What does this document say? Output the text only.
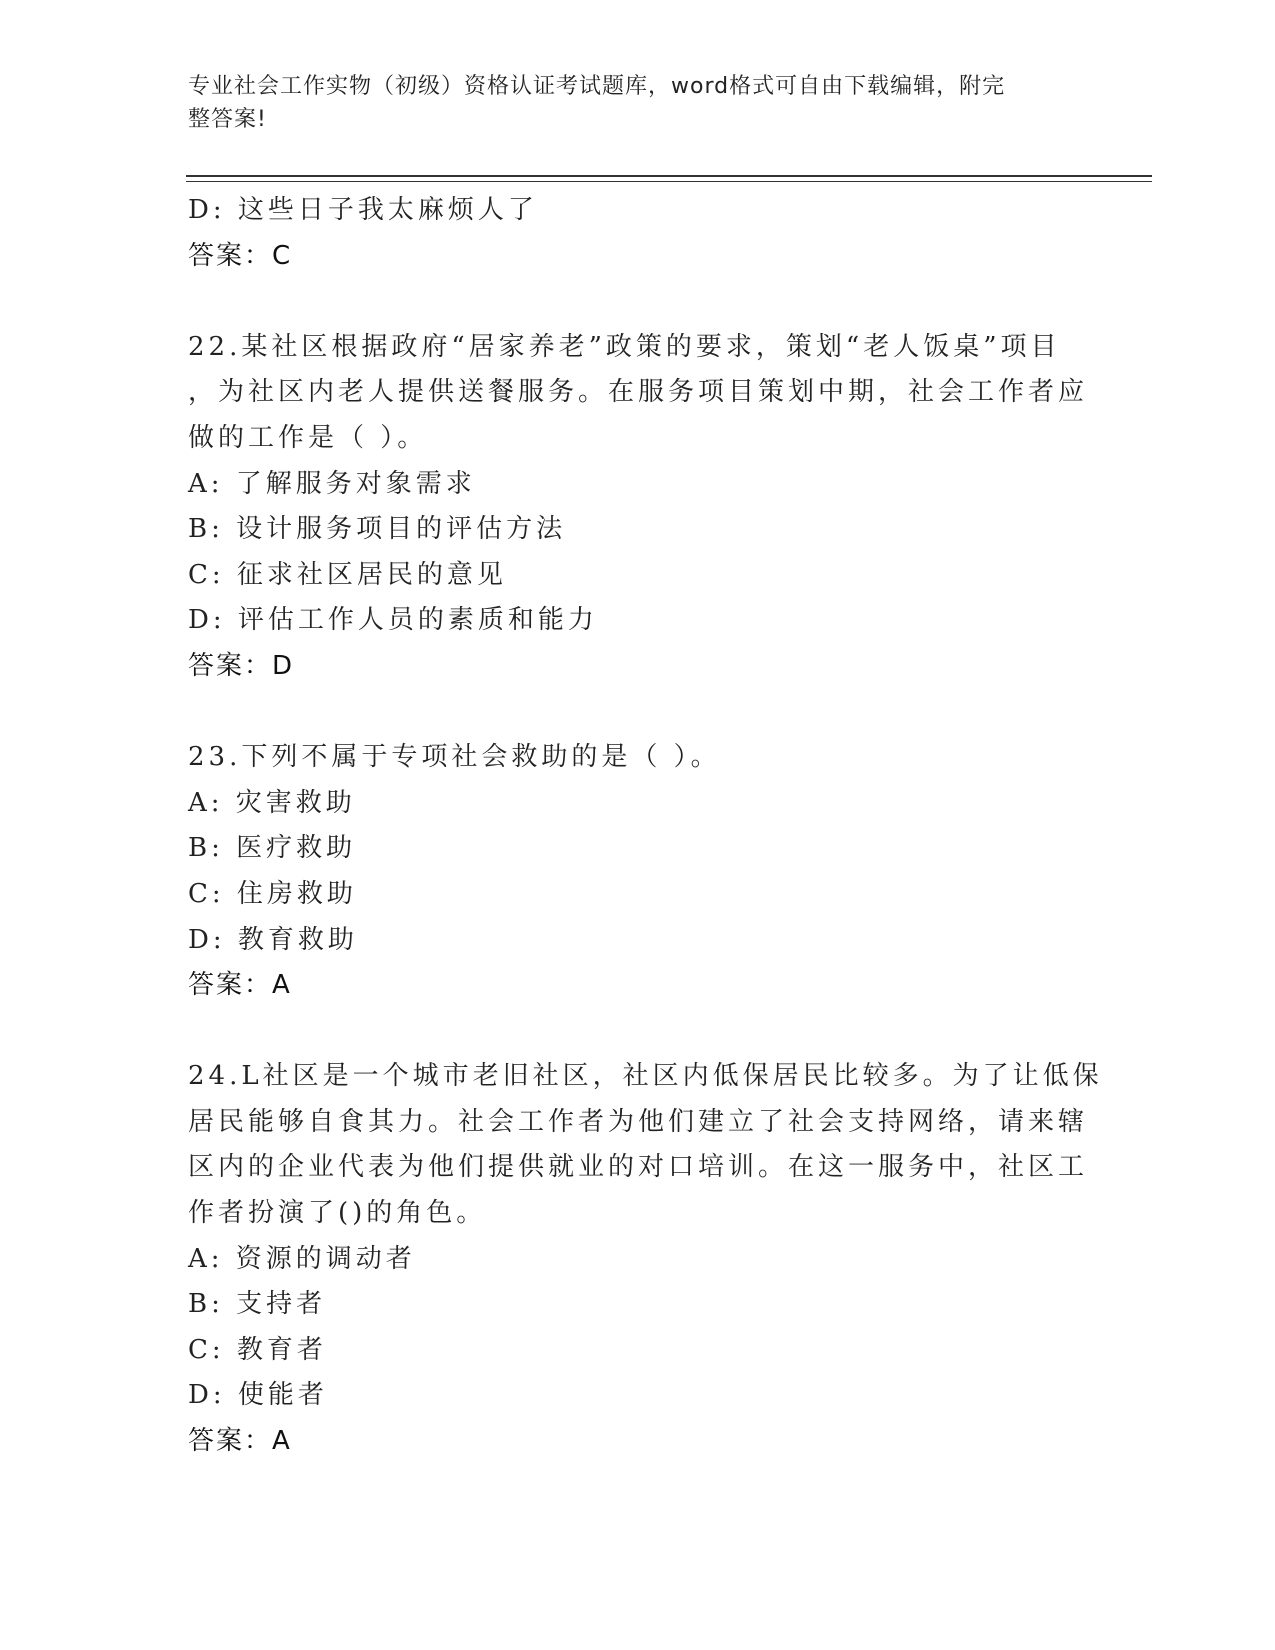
专业社会工作实物（初级）资格认证考试题库，word格式可自由下载编辑，附完
整答案!
D: 这些日子我太麻烦人了
答案：C
22.某社区根据政府“居家养老”政策的要求，策划“老人饭桌”项目
，为社区内老人提供送餐服务。在服务项目策划中期，社会工作者应
做的工作是（ ）。
A: 了解服务对象需求
B: 设计服务项目的评估方法
C: 征求社区居民的意见
D: 评估工作人员的素质和能力
答案：D
23.下列不属于专项社会救助的是（ ）。
A: 灾害救助
B: 医疗救助
C: 住房救助
D: 教育救助
答案：A
24.L社区是一个城市老旧社区，社区内低保居民比较多。为了让低保
居民能够自食其力。社会工作者为他们建立了社会支持网络，请来辖
区内的企业代表为他们提供就业的对口培训。在这一服务中，社区工
作者扮演了()的角色。
A: 资源的调动者
B: 支持者
C: 教育者
D: 使能者
答案：A
